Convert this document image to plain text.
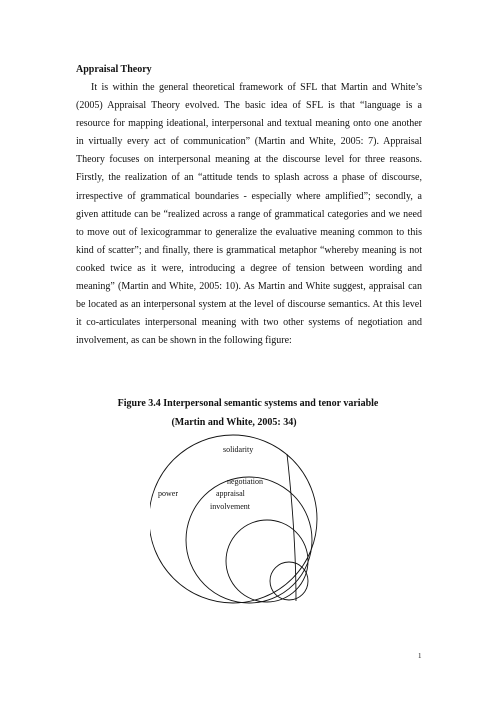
Appraisal Theory

It is within the general theoretical framework of SFL that Martin and White’s (2005) Appraisal Theory evolved. The basic idea of SFL is that “language is a resource for mapping ideational, interpersonal and textual meaning onto one another in virtually every act of communication” (Martin and White, 2005: 7). Appraisal Theory focuses on interpersonal meaning at the discourse level for three reasons. Firstly, the realization of an “attitude tends to splash across a phase of discourse, irrespective of grammatical boundaries - especially where amplified”; secondly, a given attitude can be “realized across a range of grammatical categories and we need to move out of lexicogrammar to generalize the evaluative meaning common to this kind of scatter”; and finally, there is grammatical metaphor “whereby meaning is not cooked twice as it were, introducing a degree of tension between wording and meaning” (Martin and White, 2005: 10). As Martin and White suggest, appraisal can be located as an interpersonal system at the level of discourse semantics. At this level it co-articulates interpersonal meaning with two other systems of negotiation and involvement, as can be shown in the following figure:

Figure 3.4 Interpersonal semantic systems and tenor variable
(Martin and White, 2005: 34)
solidarity
negotiation
power	appraisal
involvement
1
